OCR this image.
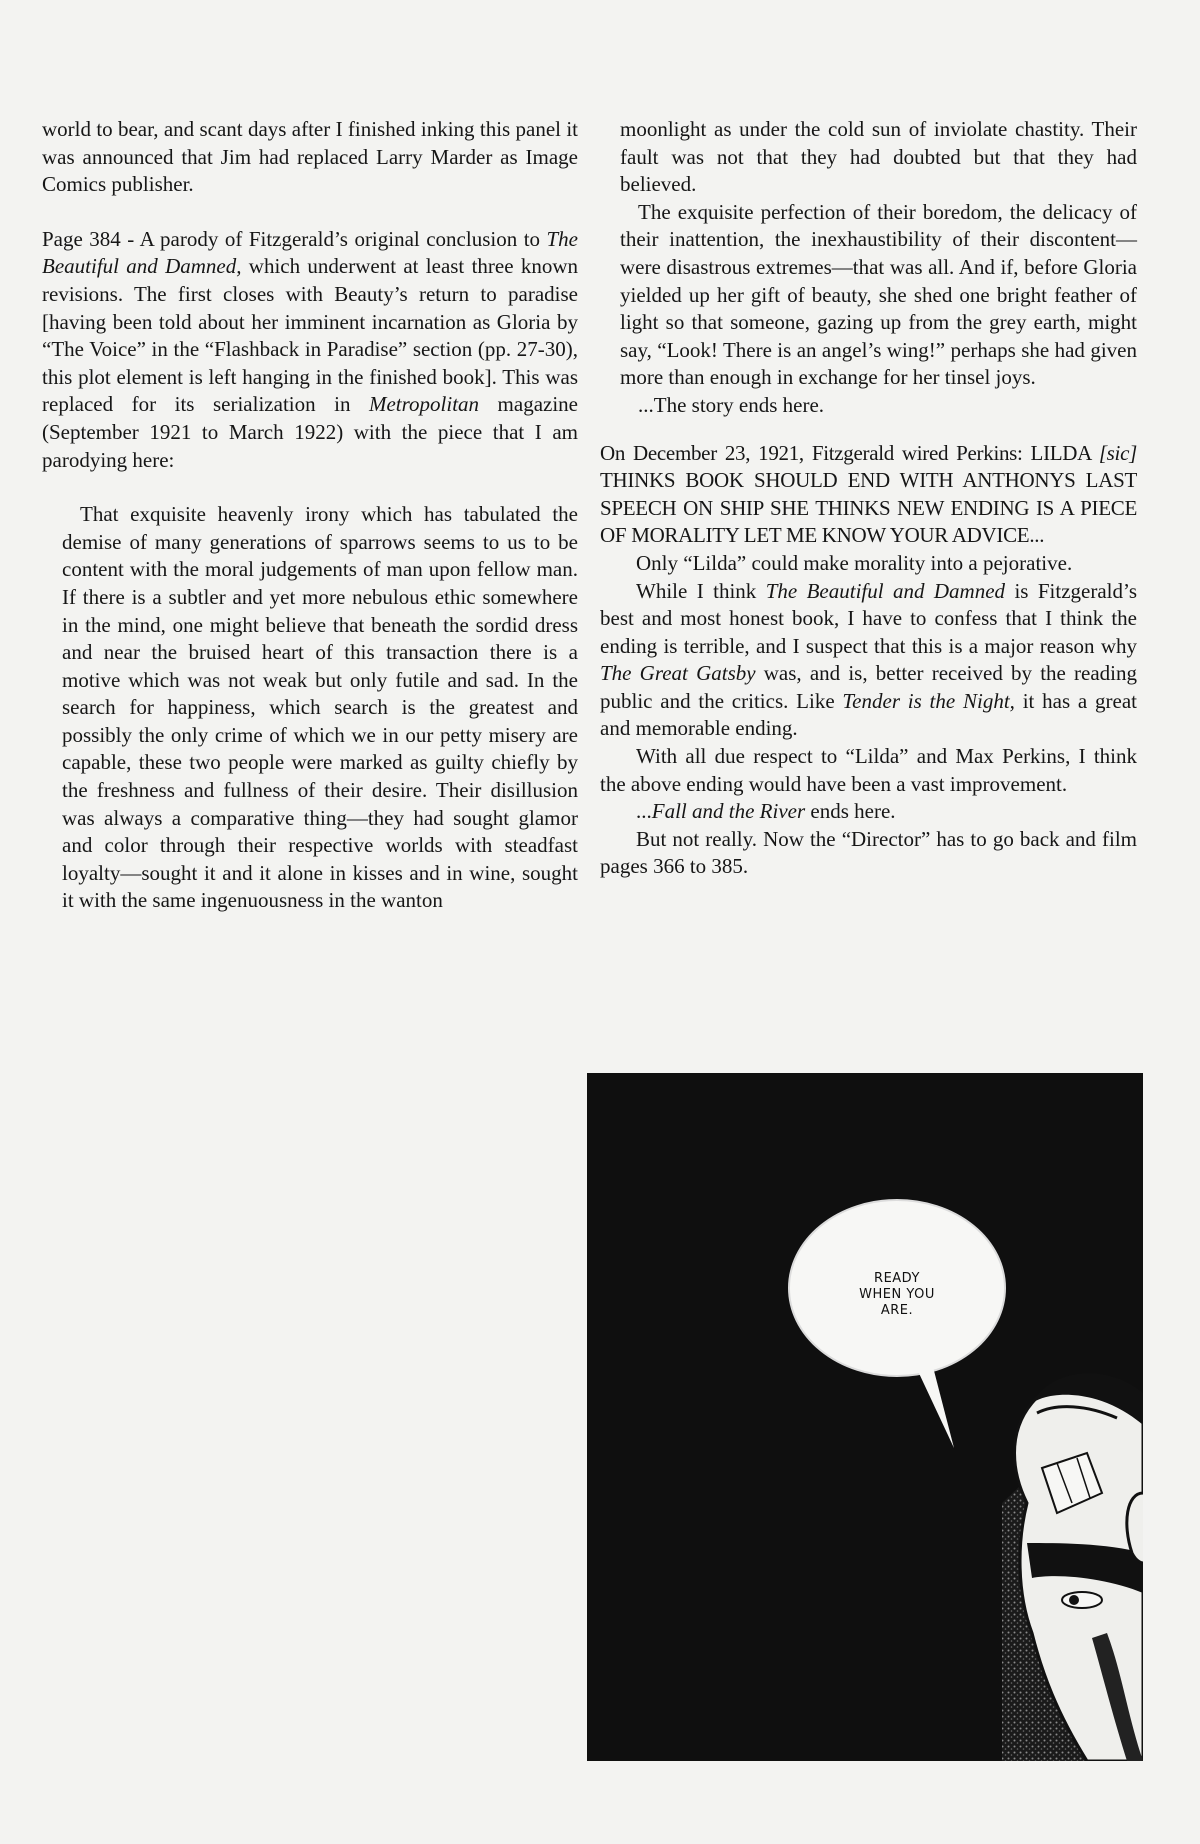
world to bear, and scant days after I finished inking this panel it was announced that Jim had replaced Larry Marder as Image Comics publisher.

Page 384 - A parody of Fitzgerald’s original conclusion to The Beautiful and Damned, which underwent at least three known revisions. The first closes with Beauty’s return to paradise [having been told about her imminent incarnation as Gloria by “The Voice” in the “Flashback in Paradise” section (pp. 27-30), this plot element is left hanging in the finished book]. This was replaced for its serialization in Metropolitan magazine (September 1921 to March 1922) with the piece that I am parodying here:

That exquisite heavenly irony which has tabulated the demise of many generations of sparrows seems to us to be content with the moral judgements of man upon fellow man. If there is a subtler and yet more nebulous ethic somewhere in the mind, one might believe that beneath the sordid dress and near the bruised heart of this transaction there is a motive which was not weak but only futile and sad. In the search for happiness, which search is the greatest and possibly the only crime of which we in our petty misery are capable, these two people were marked as guilty chiefly by the freshness and fullness of their desire. Their disillusion was always a comparative thing—they had sought glamor and color through their respective worlds with steadfast loyalty—sought it and it alone in kisses and in wine, sought it with the same ingenuousness in the wanton

moonlight as under the cold sun of inviolate chastity. Their fault was not that they had doubted but that they had believed.

The exquisite perfection of their boredom, the delicacy of their inattention, the inexhaustibility of their discontent—were disastrous extremes—that was all. And if, before Gloria yielded up her gift of beauty, she shed one bright feather of light so that someone, gazing up from the grey earth, might say, “Look! There is an angel’s wing!” perhaps she had given more than enough in exchange for her tinsel joys.

...The story ends here.

On December 23, 1921, Fitzgerald wired Perkins: LILDA [sic] THINKS BOOK SHOULD END WITH ANTHONYS LAST SPEECH ON SHIP SHE THINKS NEW ENDING IS A PIECE OF MORALITY LET ME KNOW YOUR ADVICE...

Only “Lilda” could make morality into a pejorative.

While I think The Beautiful and Damned is Fitzgerald’s best and most honest book, I have to confess that I think the ending is terrible, and I suspect that this is a major reason why The Great Gatsby was, and is, better received by the reading public and the critics. Like Tender is the Night, it has a great and memorable ending.

With all due respect to “Lilda” and Max Perkins, I think the above ending would have been a vast improvement.

...Fall and the River ends here.

But not really. Now the “Director” has to go back and film pages 366 to 385.

READY
WHEN YOU
ARE.
